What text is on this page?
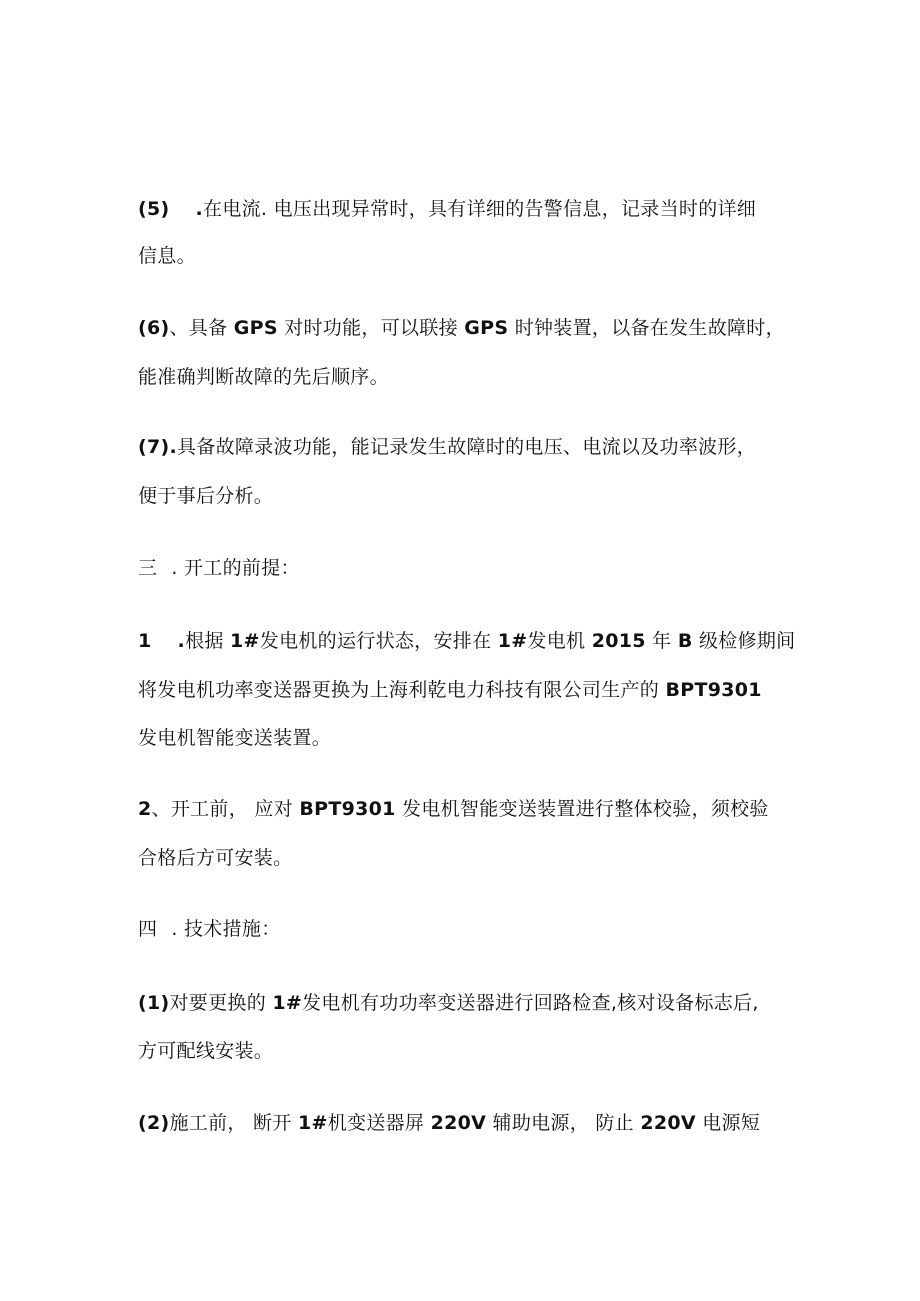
(5) .在电流. 电压出现异常时，具有详细的告警信息，记录当时的详细
信息。
(6)、具备 GPS 对时功能，可以联接 GPS 时钟装置，以备在发生故障时，
能准确判断故障的先后顺序。
(7).具备故障录波功能，能记录发生故障时的电压、电流以及功率波形，
便于事后分析。
三 . 开工的前提：
1 .根据 1#发电机的运行状态，安排在 1#发电机 2015 年 B 级检修期间
将发电机功率变送器更换为上海利乾电力科技有限公司生产的 BPT9301
发电机智能变送装置。
2、开工前， 应对 BPT9301 发电机智能变送装置进行整体校验，须校验
合格后方可安装。
四 . 技术措施：
(1)对要更换的 1#发电机有功功率变送器进行回路检查,核对设备标志后,
方可配线安装。
(2)施工前， 断开 1#机变送器屏 220V 辅助电源， 防止 220V 电源短
